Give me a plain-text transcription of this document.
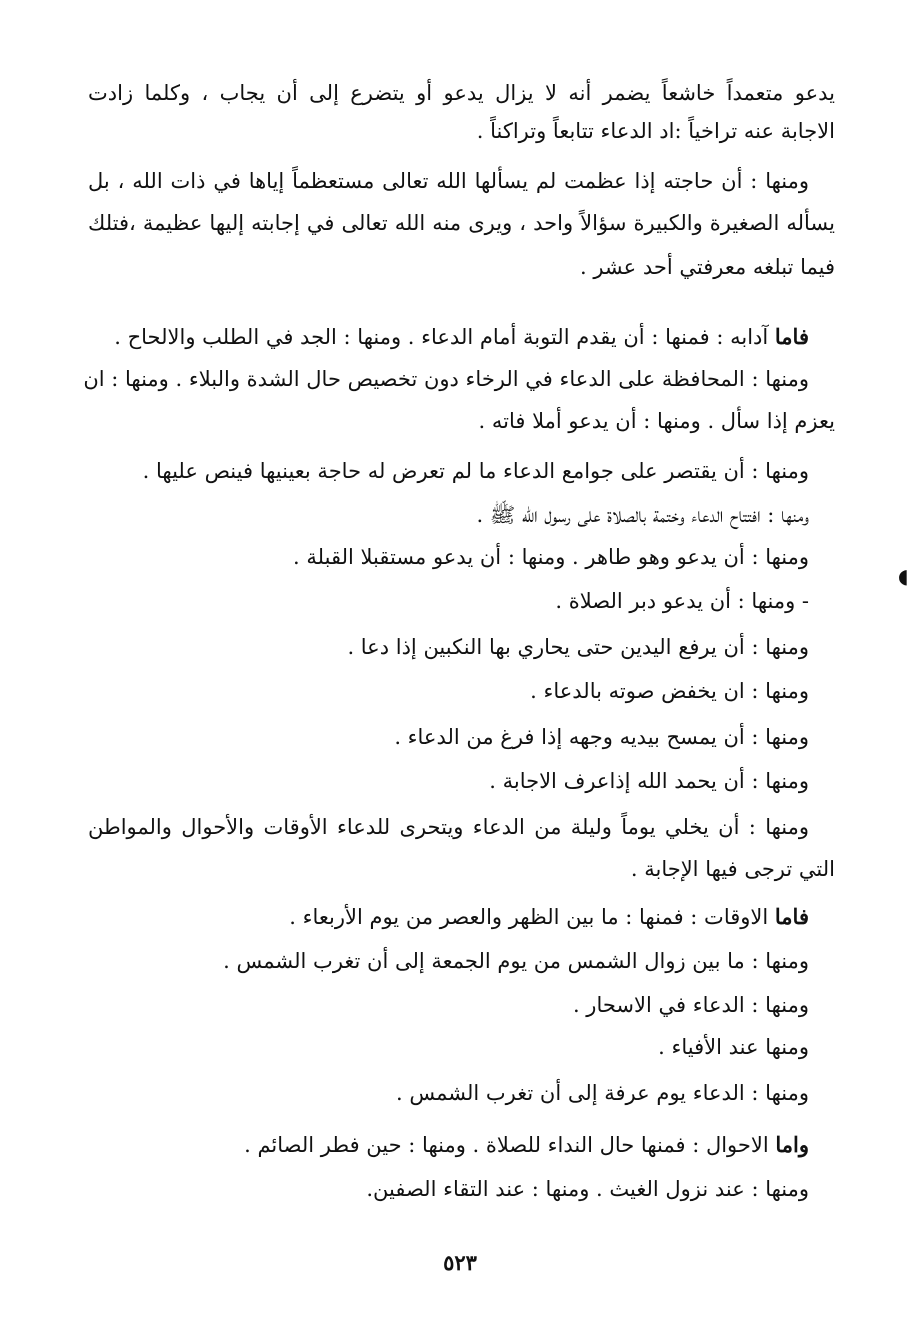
يدعو متعمداً خاشعاً يضمر أنه لا يزال يدعو أو يتضرع إلى أن يجاب ، وكلما زادت
الاجابة عنه تراخياً :اد الدعاء تتابعاً وتراكناً .
ومنها : أن حاجته إذا عظمت لم يسألها الله تعالى مستعظماً إياها في ذات الله ، بل
يسأله الصغيرة والكبيرة سؤالاً واحد ، ويرى منه الله تعالى في إجابته إليها عظيمة ،فتلك
فيما تبلغه معرفتي أحد عشر .
فاما آدابه : فمنها : أن يقدم التوبة أمام الدعاء . ومنها : الجد في الطلب والالحاح .
ومنها : المحافظة على الدعاء في الرخاء دون تخصيص حال الشدة والبلاء . ومنها : ان
يعزم إذا سأل . ومنها : أن يدعو أملا فاته .
ومنها : أن يقتصر على جوامع الدعاء ما لم تعرض له حاجة بعينيها فينص عليها .
ومنها : افتتاح الدعاء وختمة بالصلاة على رسول الله ﷺ .
ومنها : أن يدعو وهو طاهر . ومنها : أن يدعو مستقبلا القبلة .
- ومنها : أن يدعو دبر الصلاة .
ومنها : أن يرفع اليدين حتى يحاري بها النكبين إذا دعا .
ومنها : ان يخفض صوته بالدعاء .
ومنها : أن يمسح بيديه وجهه إذا فرغ من الدعاء .
ومنها : أن يحمد الله إذاعرف الاجابة .
ومنها : أن يخلي يوماً وليلة من الدعاء ويتحرى للدعاء الأوقات والأحوال والمواطن
التي ترجى فيها الإجابة .
فاما الاوقات : فمنها : ما بين الظهر والعصر من يوم الأربعاء .
ومنها : ما بين زوال الشمس من يوم الجمعة إلى أن تغرب الشمس .
ومنها : الدعاء في الاسحار .
ومنها عند الأفياء .
ومنها : الدعاء يوم عرفة إلى أن تغرب الشمس .
واما الاحوال : فمنها حال النداء للصلاة . ومنها : حين فطر الصائم .
ومنها : عند نزول الغيث . ومنها : عند التقاء الصفين.
٥٢٣
◖
